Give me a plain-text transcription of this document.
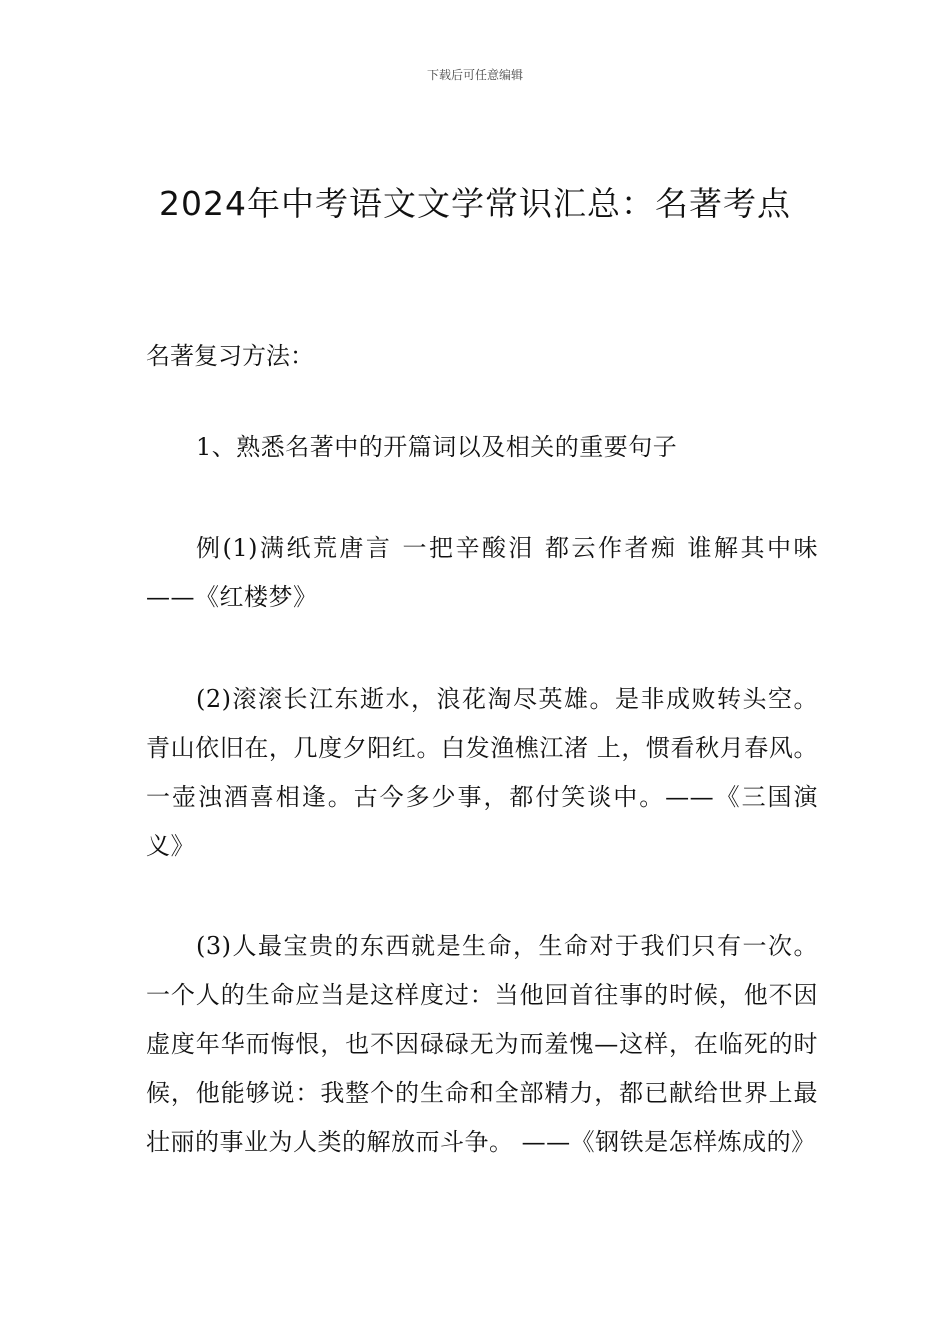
下载后可任意编辑
2024年中考语文文学常识汇总：名著考点
名著复习方法：
1、熟悉名著中的开篇词以及相关的重要句子
例(1)满纸荒唐言 一把辛酸泪 都云作者痴 谁解其中味——《红楼梦》
(2)滚滚长江东逝水，浪花淘尽英雄。是非成败转头空。青山依旧在，几度夕阳红。白发渔樵江渚 上，惯看秋月春风。一壶浊酒喜相逢。古今多少事，都付笑谈中。——《三国演义》
(3)人最宝贵的东西就是生命，生命对于我们只有一次。一个人的生命应当是这样度过：当他回首往事的时候，他不因虚度年华而悔恨，也不因碌碌无为而羞愧—这样，在临死的时候，他能够说：我整个的生命和全部精力，都已献给世界上最壮丽的事业为人类的解放而斗争。 ——《钢铁是怎样炼成的》
